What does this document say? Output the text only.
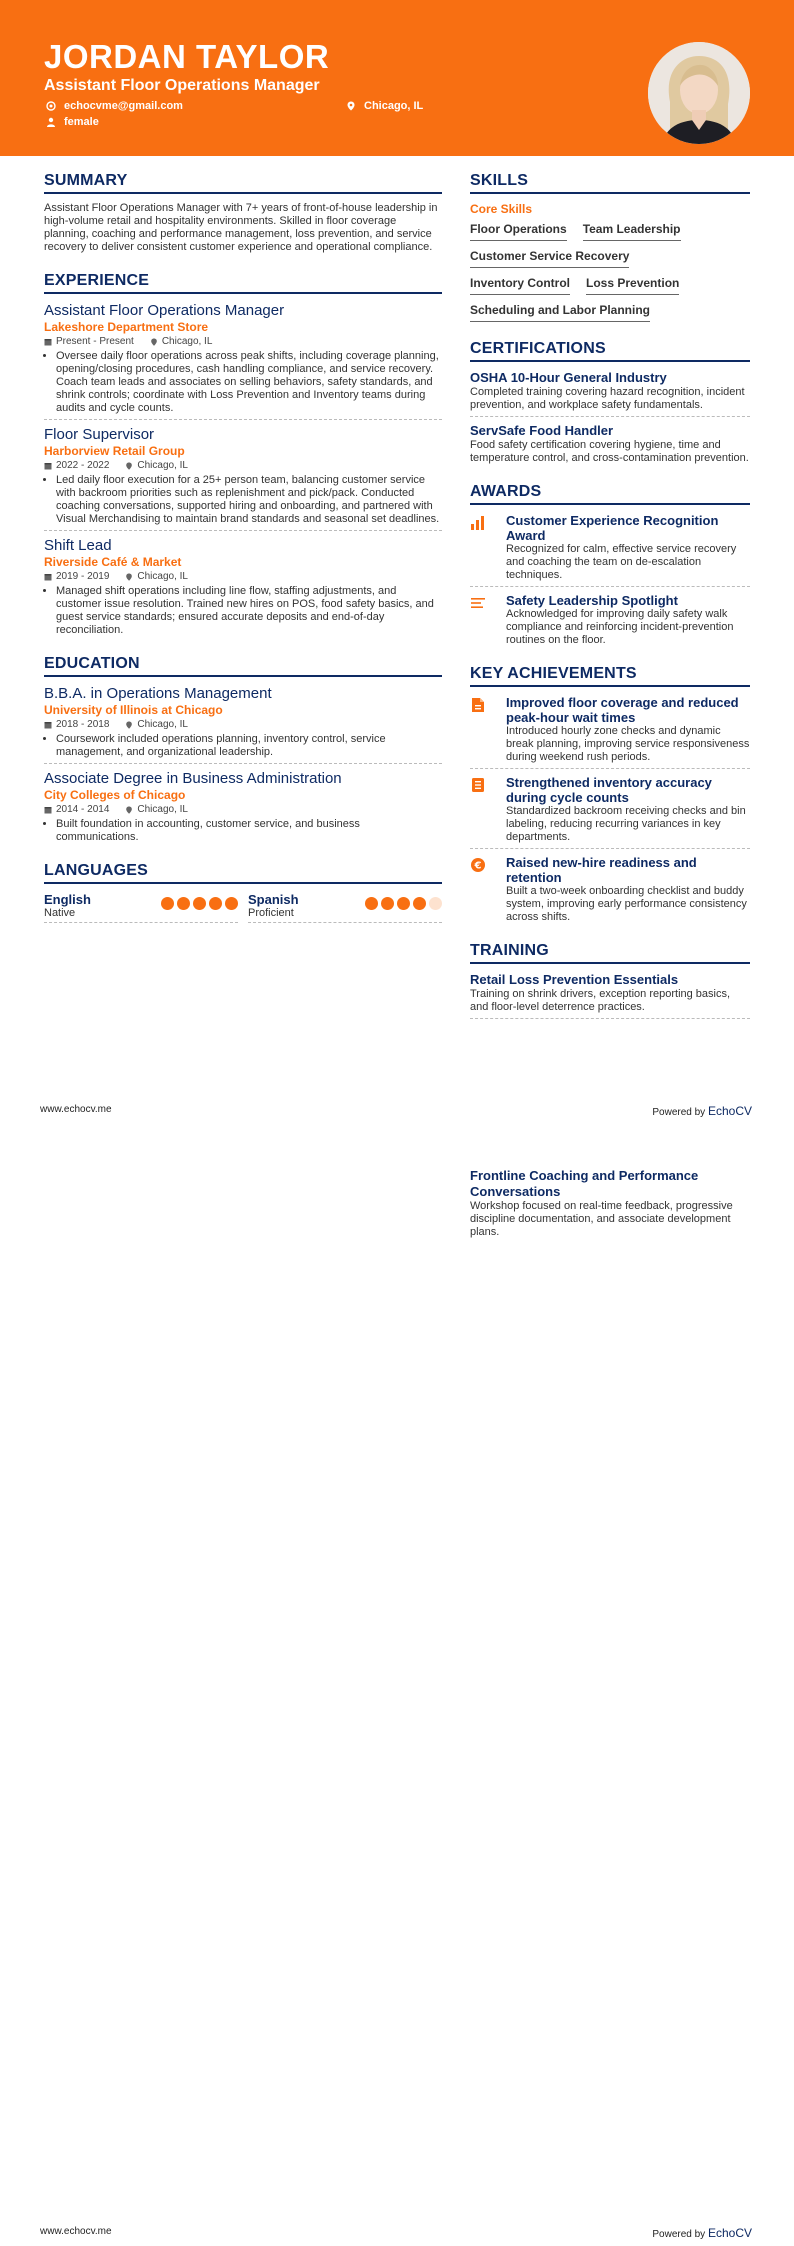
JORDAN TAYLOR
Assistant Floor Operations Manager
echocvme@gmail.com	Chicago, IL
female
SUMMARY
Assistant Floor Operations Manager with 7+ years of front-of-house leadership in high-volume retail and hospitality environments. Skilled in floor coverage planning, coaching and performance management, loss prevention, and service recovery to deliver consistent customer experience and operational compliance.
EXPERIENCE
Assistant Floor Operations Manager
Lakeshore Department Store
Present - Present	Chicago, IL
• Oversee daily floor operations across peak shifts, including coverage planning, opening/closing procedures, cash handling compliance, and service recovery. Coach team leads and associates on selling behaviors, safety standards, and shrink controls; coordinate with Loss Prevention and Inventory teams during audits and cycle counts.
Floor Supervisor
Harborview Retail Group
2022 - 2022	Chicago, IL
• Led daily floor execution for a 25+ person team, balancing customer service with backroom priorities such as replenishment and pick/pack. Conducted coaching conversations, supported hiring and onboarding, and partnered with Visual Merchandising to maintain brand standards and seasonal set deadlines.
Shift Lead
Riverside Café & Market
2019 - 2019	Chicago, IL
• Managed shift operations including line flow, staffing adjustments, and customer issue resolution. Trained new hires on POS, food safety basics, and guest service standards; ensured accurate deposits and end-of-day reconciliation.
EDUCATION
B.B.A. in Operations Management
University of Illinois at Chicago
2018 - 2018	Chicago, IL
• Coursework included operations planning, inventory control, service management, and organizational leadership.
Associate Degree in Business Administration
City Colleges of Chicago
2014 - 2014	Chicago, IL
• Built foundation in accounting, customer service, and business communications.
LANGUAGES
English
Native
Spanish
Proficient
SKILLS
Core Skills
Floor Operations Team Leadership
Customer Service Recovery
Inventory Control Loss Prevention
Scheduling and Labor Planning
CERTIFICATIONS
OSHA 10-Hour General Industry
Completed training covering hazard recognition, incident prevention, and workplace safety fundamentals.
ServSafe Food Handler
Food safety certification covering hygiene, time and temperature control, and cross-contamination prevention.
AWARDS
Customer Experience Recognition Award
Recognized for calm, effective service recovery and coaching the team on de-escalation techniques.
Safety Leadership Spotlight
Acknowledged for improving daily safety walk compliance and reinforcing incident-prevention routines on the floor.
KEY ACHIEVEMENTS
Improved floor coverage and reduced peak-hour wait times
Introduced hourly zone checks and dynamic break planning, improving service responsiveness during weekend rush periods.
Strengthened inventory accuracy during cycle counts
Standardized backroom receiving checks and bin labeling, reducing recurring variances in key departments.
€ Raised new-hire readiness and retention
Built a two-week onboarding checklist and buddy system, improving early performance consistency across shifts.
TRAINING
Retail Loss Prevention Essentials
Training on shrink drivers, exception reporting basics, and floor-level deterrence practices.
www.echocv.me	Powered by EchoCV
Frontline Coaching and Performance Conversations
Workshop focused on real-time feedback, progressive discipline documentation, and associate development plans.
www.echocv.me	Powered by EchoCV
